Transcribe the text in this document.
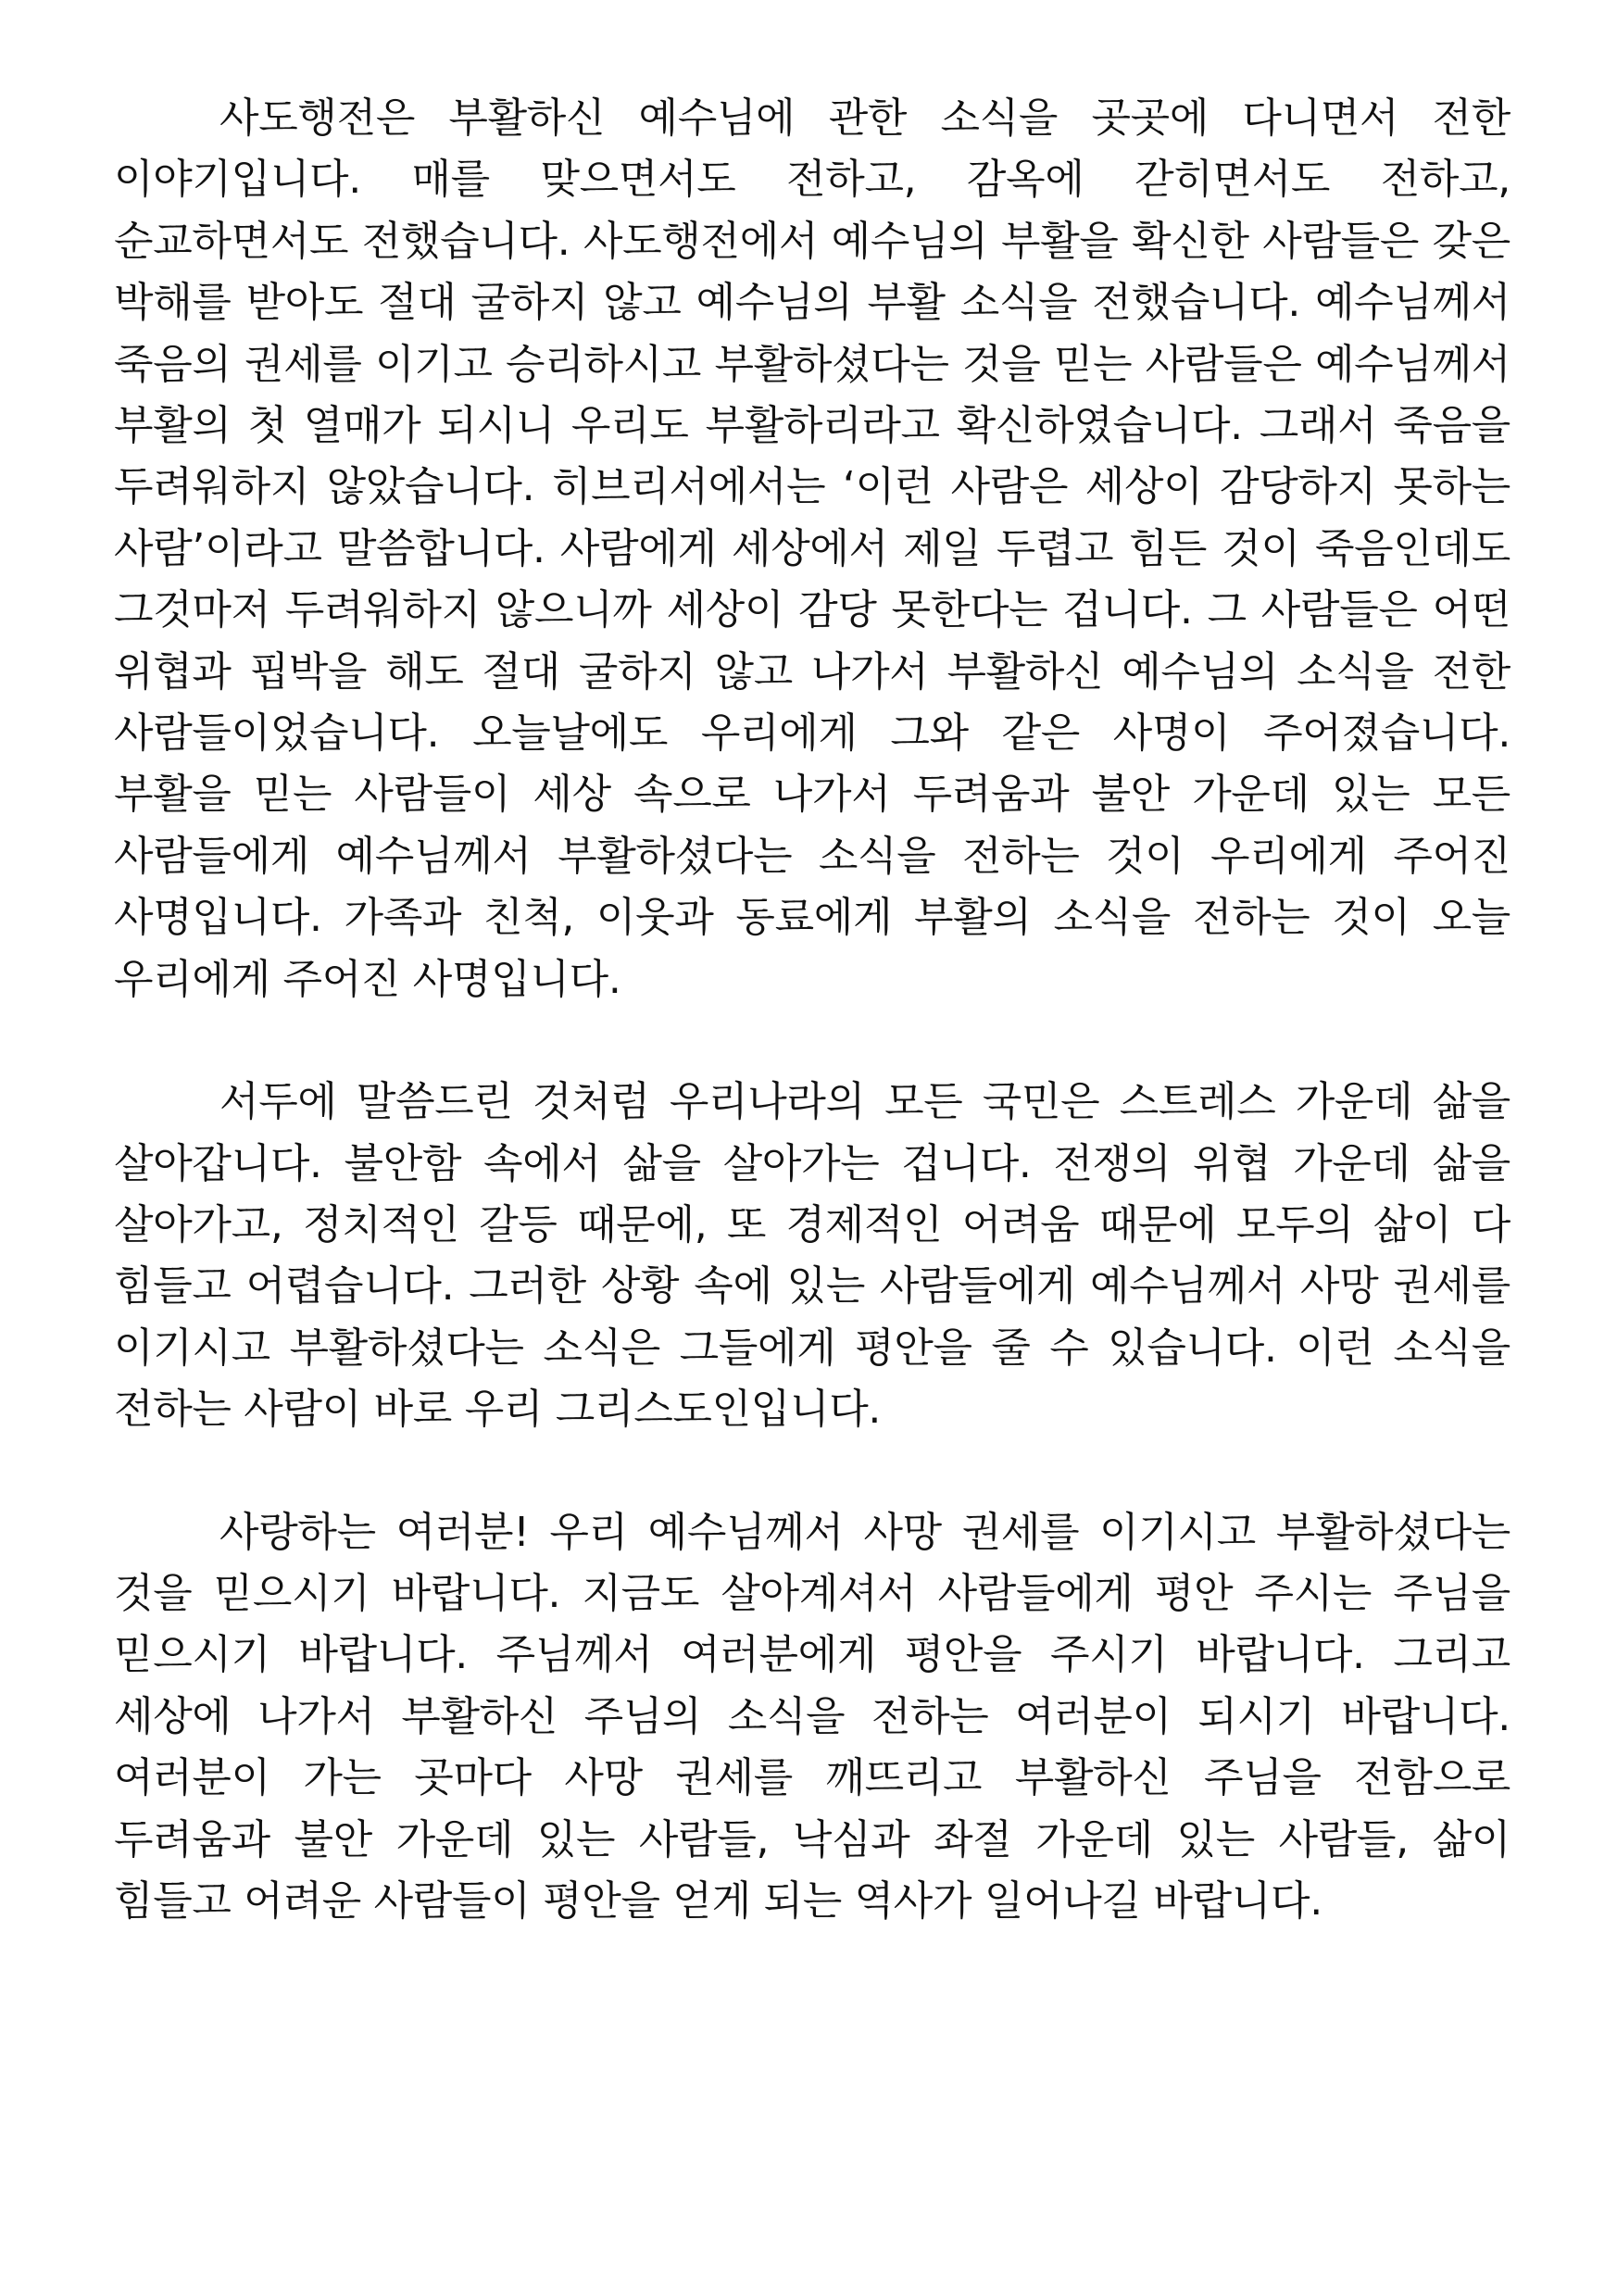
사도행전은 부활하신 예수님에 관한 소식을 곳곳에 다니면서 전한 이야기입니다. 매를 맞으면서도 전하고, 감옥에 갇히면서도 전하고, 순교하면서도 전했습니다. 사도행전에서 예수님의 부활을 확신한 사람들은 갖은 박해를 받아도 절대 굴하지 않고 예수님의 부활 소식을 전했습니다. 예수님께서 죽음의 권세를 이기고 승리하시고 부활하셨다는 것을 믿는 사람들은 예수님께서 부활의 첫 열매가 되시니 우리도 부활하리라고 확신하였습니다. 그래서 죽음을 두려워하지 않았습니다. 히브리서에서는 ‘이런 사람은 세상이 감당하지 못하는 사람’이라고 말씀합니다. 사람에게 세상에서 제일 두렵고 힘든 것이 죽음인데도 그것마저 두려워하지 않으니까 세상이 감당 못한다는 겁니다. 그 사람들은 어떤 위협과 핍박을 해도 절대 굴하지 않고 나가서 부활하신 예수님의 소식을 전한 사람들이었습니다. 오늘날에도 우리에게 그와 같은 사명이 주어졌습니다. 부활을 믿는 사람들이 세상 속으로 나가서 두려움과 불안 가운데 있는 모든 사람들에게 예수님께서 부활하셨다는 소식을 전하는 것이 우리에게 주어진 사명입니다. 가족과 친척, 이웃과 동료에게 부활의 소식을 전하는 것이 오늘 우리에게 주어진 사명입니다.

서두에 말씀드린 것처럼 우리나라의 모든 국민은 스트레스 가운데 삶을 살아갑니다. 불안함 속에서 삶을 살아가는 겁니다. 전쟁의 위협 가운데 삶을 살아가고, 정치적인 갈등 때문에, 또 경제적인 어려움 때문에 모두의 삶이 다 힘들고 어렵습니다. 그러한 상황 속에 있는 사람들에게 예수님께서 사망 권세를 이기시고 부활하셨다는 소식은 그들에게 평안을 줄 수 있습니다. 이런 소식을 전하는 사람이 바로 우리 그리스도인입니다.

사랑하는 여러분! 우리 예수님께서 사망 권세를 이기시고 부활하셨다는 것을 믿으시기 바랍니다. 지금도 살아계셔서 사람들에게 평안 주시는 주님을 믿으시기 바랍니다. 주님께서 여러분에게 평안을 주시기 바랍니다. 그리고 세상에 나가서 부활하신 주님의 소식을 전하는 여러분이 되시기 바랍니다. 여러분이 가는 곳마다 사망 권세를 깨뜨리고 부활하신 주님을 전함으로 두려움과 불안 가운데 있는 사람들, 낙심과 좌절 가운데 있는 사람들, 삶이 힘들고 어려운 사람들이 평안을 얻게 되는 역사가 일어나길 바랍니다.
